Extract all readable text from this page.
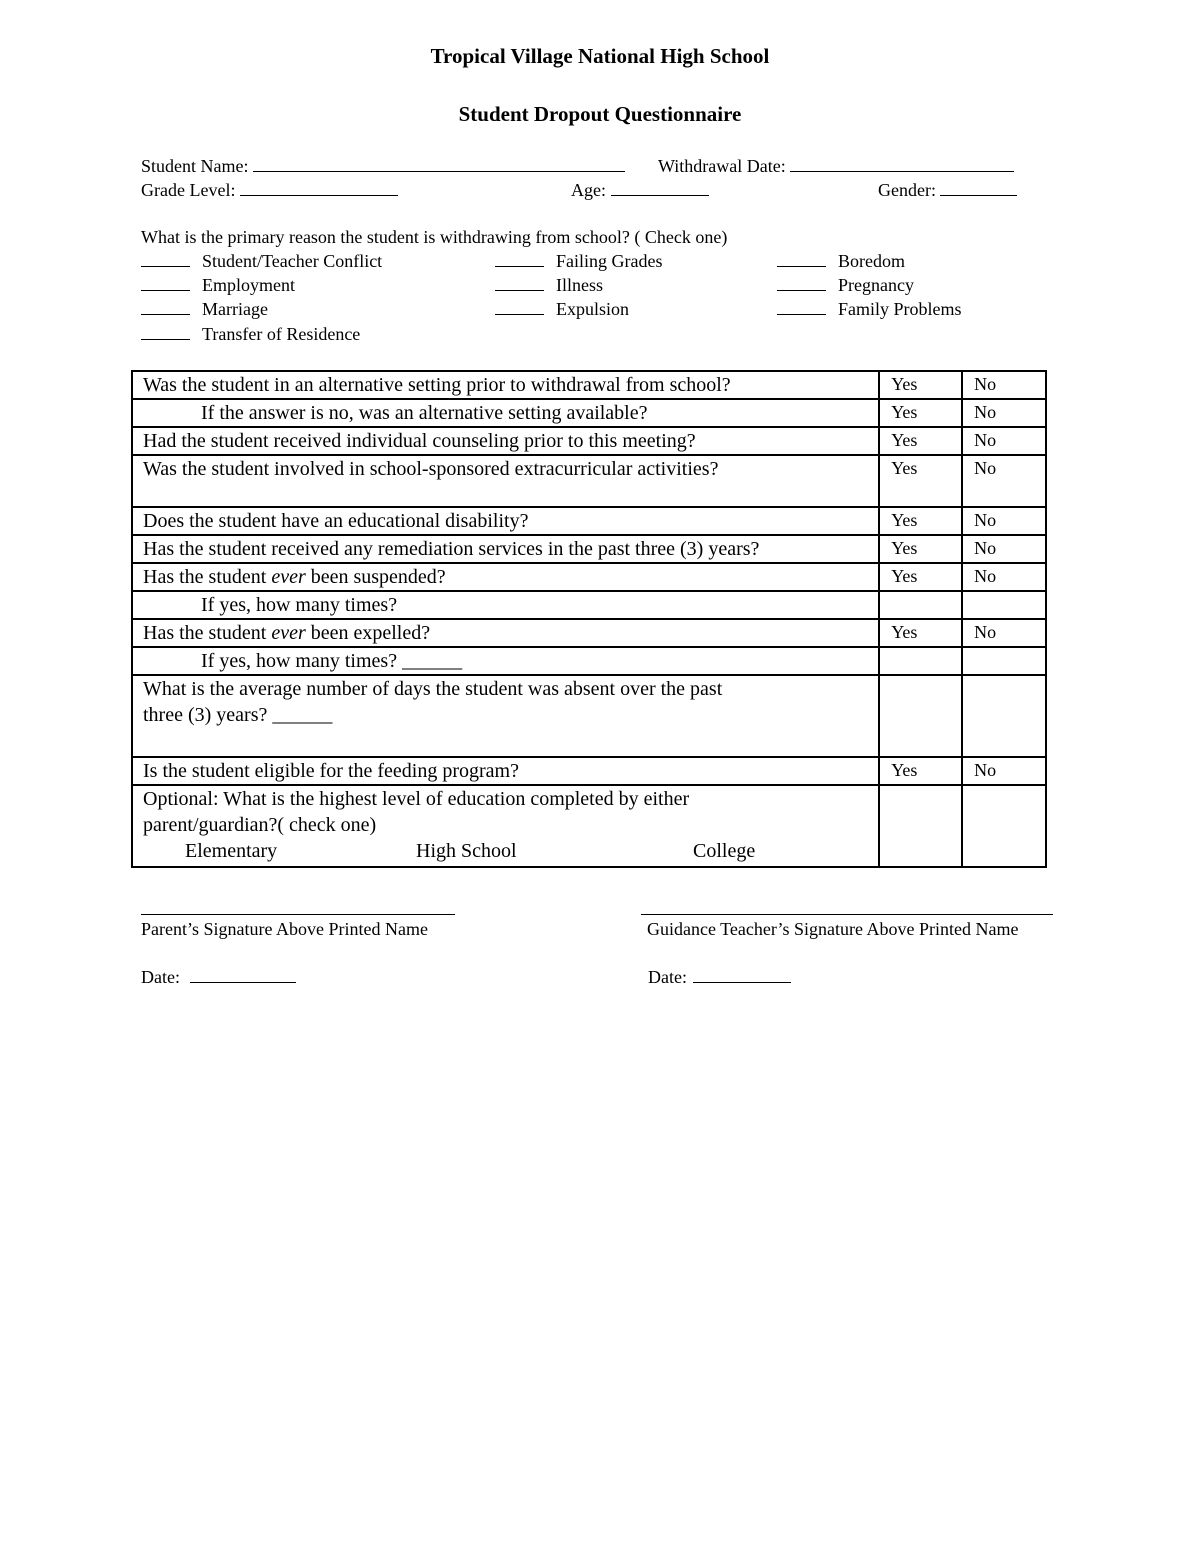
Tropical Village National High School
Student Dropout Questionnaire
Student Name:	Withdrawal Date:
Grade Level:	Age:	Gender:
What is the primary reason the student is withdrawing from school? ( Check one)
Student/Teacher Conflict	Failing Grades	Boredom
Employment	Illness	Pregnancy
Marriage	Expulsion	Family Problems
Transfer of Residence
Was the student in an alternative setting prior to withdrawal from school?	Yes	No
If the answer is no, was an alternative setting available?	Yes	No
Had the student received individual counseling prior to this meeting?	Yes	No
Was the student involved in school-sponsored extracurricular activities?	Yes	No
Does the student have an educational disability?	Yes	No
Has the student received any remediation services in the past three (3) years?	Yes	No
Has the student ever been suspended?	Yes	No
If yes, how many times?		
Has the student ever been expelled?	Yes	No
If yes, how many times? ______		

What is the average number of days the student was absent over the past
three (3) years? ______		

Is the student eligible for the feeding program?	Yes	No

Optional: What is the highest level of education completed by either
parent/guardian?( check one)
Elementary High School College		

Parent’s Signature Above Printed Name	Guidance Teacher’s Signature Above Printed Name
Date:	Date:
